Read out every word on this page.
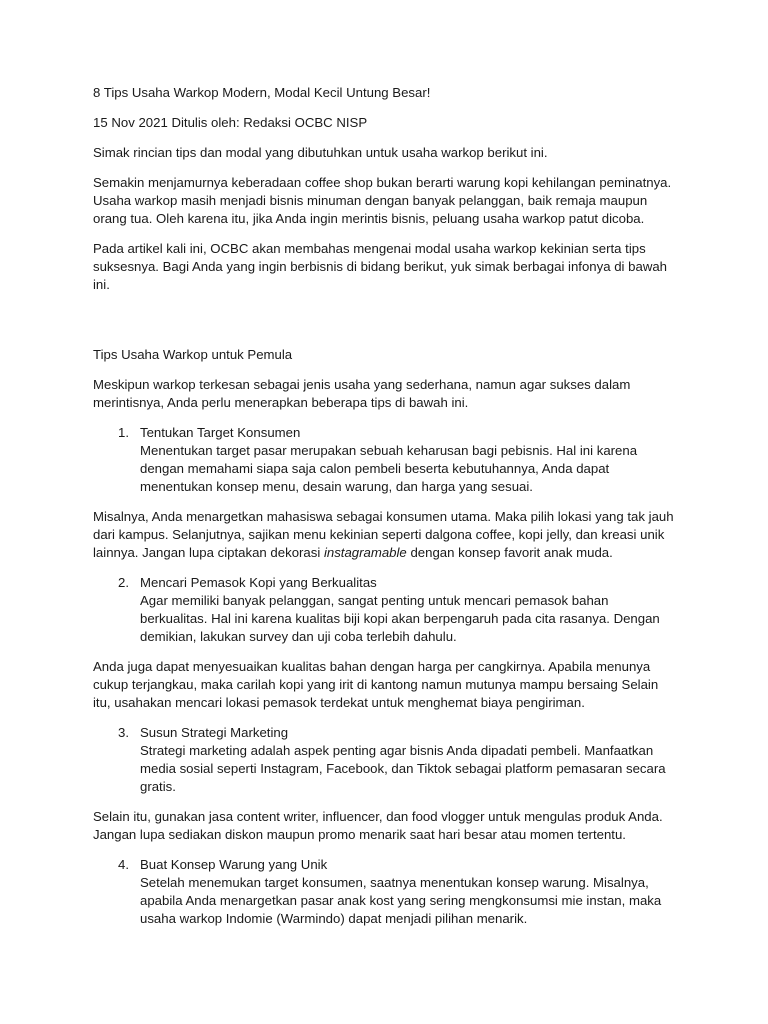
8 Tips Usaha Warkop Modern, Modal Kecil Untung Besar!

15 Nov 2021 Ditulis oleh: Redaksi OCBC NISP

Simak rincian tips dan modal yang dibutuhkan untuk usaha warkop berikut ini.

Semakin menjamurnya keberadaan coffee shop bukan berarti warung kopi kehilangan peminatnya. Usaha warkop masih menjadi bisnis minuman dengan banyak pelanggan, baik remaja maupun orang tua. Oleh karena itu, jika Anda ingin merintis bisnis, peluang usaha warkop patut dicoba.

Pada artikel kali ini, OCBC akan membahas mengenai modal usaha warkop kekinian serta tips suksesnya. Bagi Anda yang ingin berbisnis di bidang berikut, yuk simak berbagai infonya di bawah ini.

Tips Usaha Warkop untuk Pemula

Meskipun warkop terkesan sebagai jenis usaha yang sederhana, namun agar sukses dalam merintisnya, Anda perlu menerapkan beberapa tips di bawah ini.

1. Tentukan Target Konsumen
Menentukan target pasar merupakan sebuah keharusan bagi pebisnis. Hal ini karena dengan memahami siapa saja calon pembeli beserta kebutuhannya, Anda dapat menentukan konsep menu, desain warung, dan harga yang sesuai.

Misalnya, Anda menargetkan mahasiswa sebagai konsumen utama. Maka pilih lokasi yang tak jauh dari kampus. Selanjutnya, sajikan menu kekinian seperti dalgona coffee, kopi jelly, dan kreasi unik lainnya. Jangan lupa ciptakan dekorasi instagramable dengan konsep favorit anak muda.

2. Mencari Pemasok Kopi yang Berkualitas
Agar memiliki banyak pelanggan, sangat penting untuk mencari pemasok bahan berkualitas. Hal ini karena kualitas biji kopi akan berpengaruh pada cita rasanya. Dengan demikian, lakukan survey dan uji coba terlebih dahulu.

Anda juga dapat menyesuaikan kualitas bahan dengan harga per cangkirnya. Apabila menunya cukup terjangkau, maka carilah kopi yang irit di kantong namun mutunya mampu bersaing Selain itu, usahakan mencari lokasi pemasok terdekat untuk menghemat biaya pengiriman.

3. Susun Strategi Marketing
Strategi marketing adalah aspek penting agar bisnis Anda dipadati pembeli. Manfaatkan media sosial seperti Instagram, Facebook, dan Tiktok sebagai platform pemasaran secara gratis.

Selain itu, gunakan jasa content writer, influencer, dan food vlogger untuk mengulas produk Anda. Jangan lupa sediakan diskon maupun promo menarik saat hari besar atau momen tertentu.

4. Buat Konsep Warung yang Unik
Setelah menemukan target konsumen, saatnya menentukan konsep warung. Misalnya, apabila Anda menargetkan pasar anak kost yang sering mengkonsumsi mie instan, maka usaha warkop Indomie (Warmindo) dapat menjadi pilihan menarik.
